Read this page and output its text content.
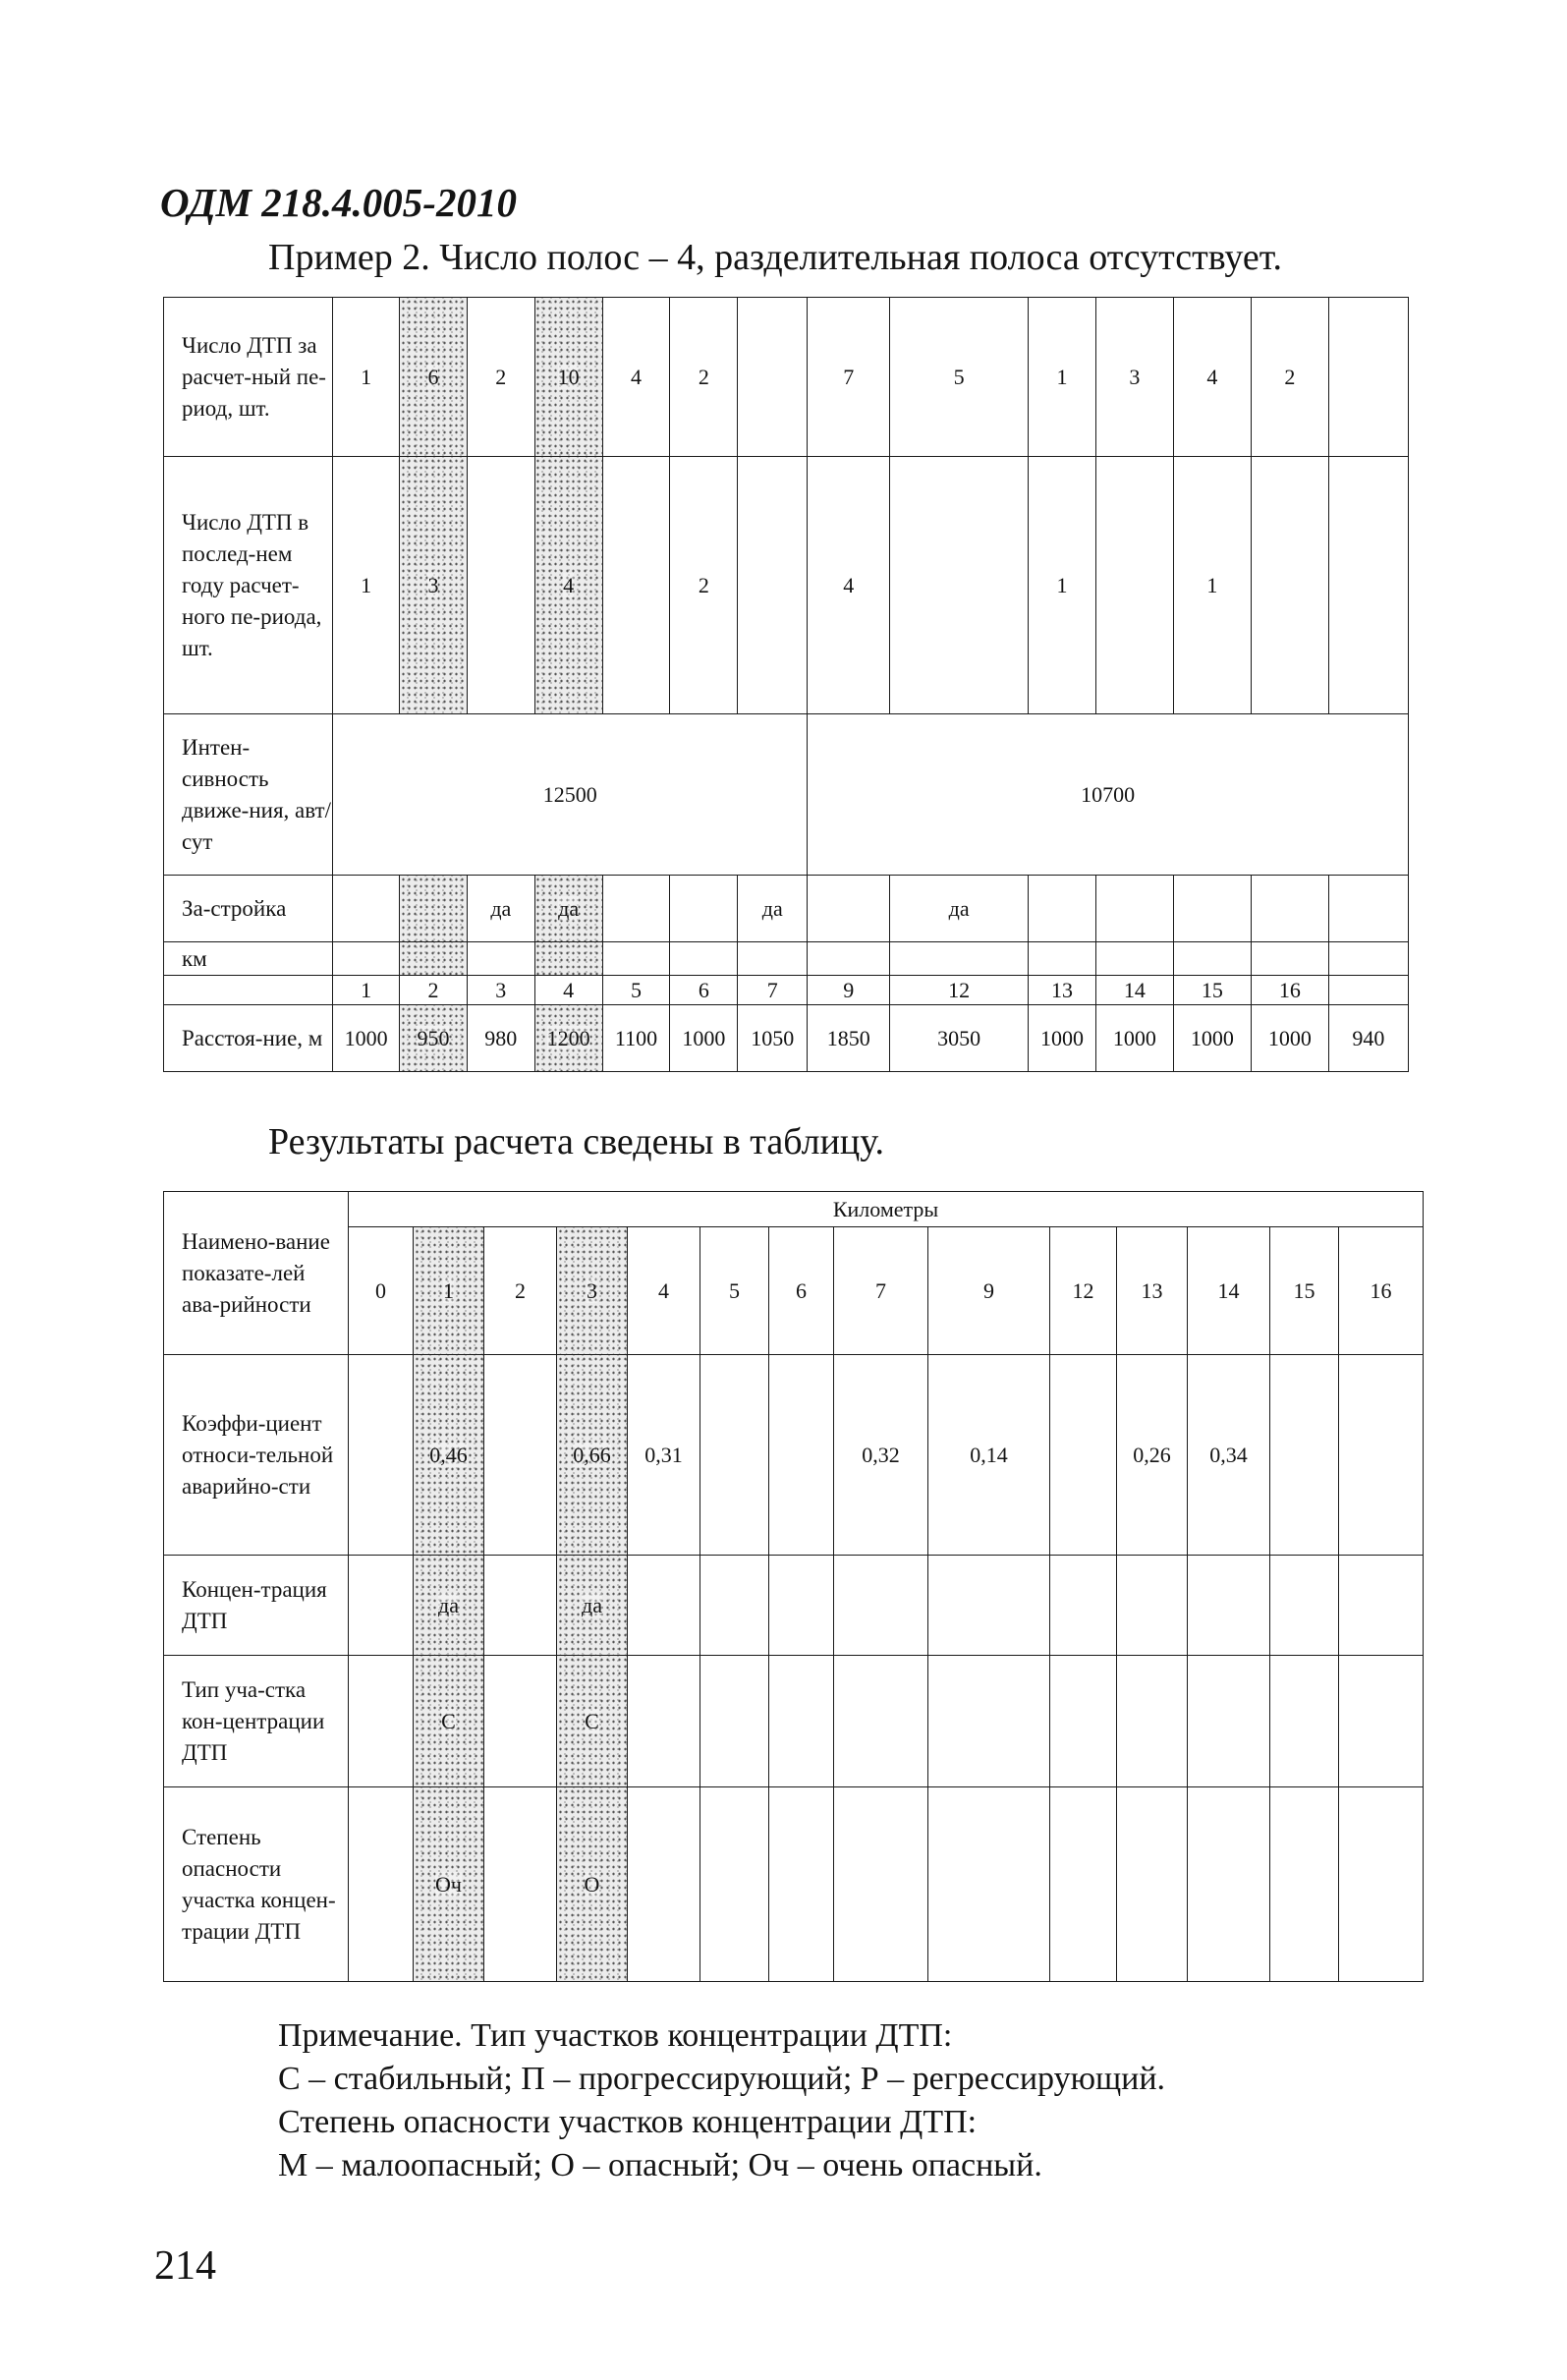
ОДМ 218.4.005-2010
Пример 2. Число полос – 4, разделительная полоса отсутствует.
Число ДТП за расчет-ный пе-риод, шт.	1	6	2	10	4	2		7	5	1	3	4	2	
Число ДТП в послед-нем году расчет-ного пе-риода, шт.	1	3		4		2		4		1		1		
Интен-сивность движе-ния, авт/сут	12500							10700						
За-стройка			да	да			да		да					
км														
	1	2	3	4	5	6	7	9	12	13	14	15	16	
Расстоя-ние, м	1000	950	980	1200	1100	1000	1050	1850	3050	1000	1000	1000	1000	940
Результаты расчета сведены в таблицу.
Наимено-вание показате-лей ава-рийности	Километры													
	0	1	2	3	4	5	6	7	9	12	13	14	15	16
Коэффи-циент относи-тельной аварийно-сти		0,46		0,66	0,31			0,32	0,14		0,26	0,34		
Концен-трация ДТП		да		да										
Тип уча-стка кон-центрации ДТП		С		С										
Степень опасности участка концен-трации ДТП		Оч		О										
Примечание. Тип участков концентрации ДТП:
С – стабильный; П – прогрессирующий; Р – регрессирующий.
Степень опасности участков концентрации ДТП:
М – малоопасный; О – опасный; Оч – очень опасный.
214
